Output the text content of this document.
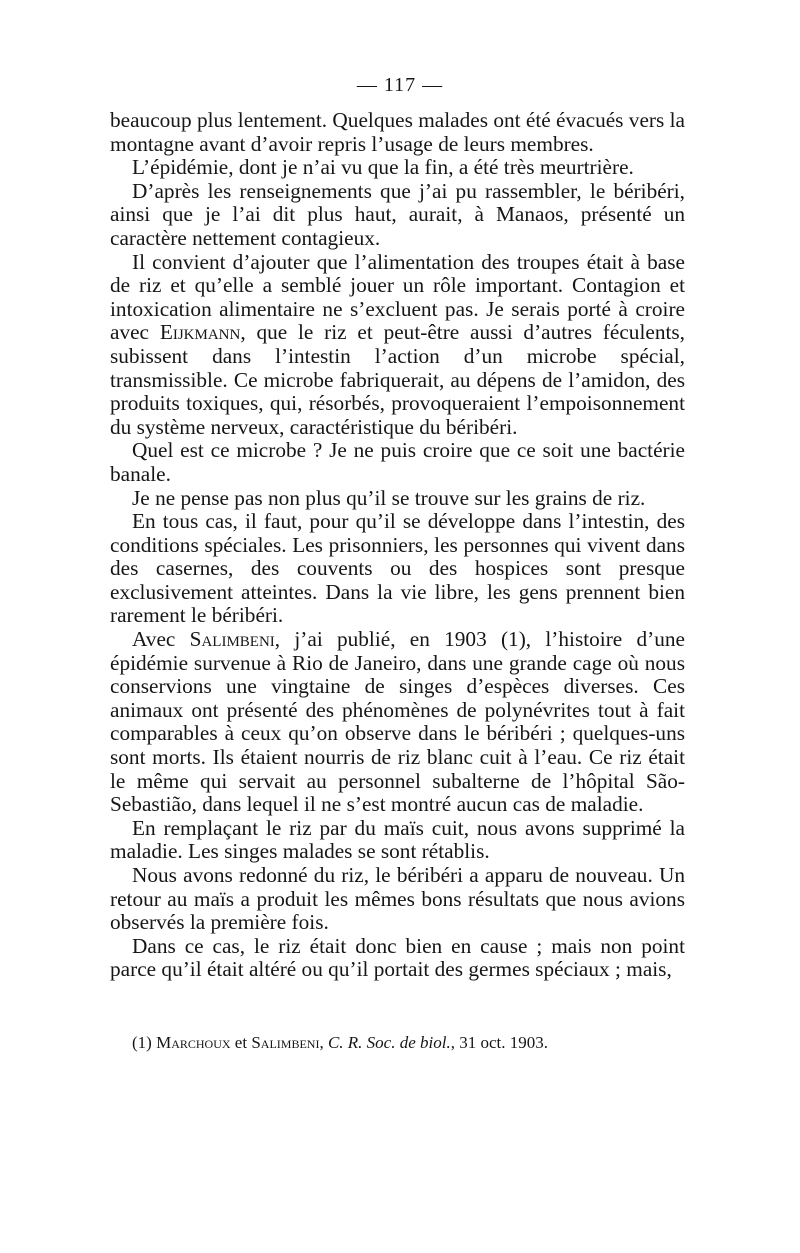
— 117 —

beaucoup plus lentement. Quelques malades ont été évacués vers la montagne avant d’avoir repris l’usage de leurs membres.

L’épidémie, dont je n’ai vu que la fin, a été très meurtrière.

D’après les renseignements que j’ai pu rassembler, le béribéri, ainsi que je l’ai dit plus haut, aurait, à Manaos, présenté un caractère nettement contagieux.

Il convient d’ajouter que l’alimentation des troupes était à base de riz et qu’elle a semblé jouer un rôle important. Contagion et intoxication alimentaire ne s’excluent pas. Je serais porté à croire avec Eijkmann, que le riz et peut-être aussi d’autres féculents, subissent dans l’intestin l’action d’un microbe spécial, transmissible. Ce microbe fabriquerait, au dépens de l’amidon, des produits toxiques, qui, résorbés, provoqueraient l’empoisonnement du système nerveux, caractéristique du béribéri.

Quel est ce microbe ? Je ne puis croire que ce soit une bactérie banale.

Je ne pense pas non plus qu’il se trouve sur les grains de riz.

En tous cas, il faut, pour qu’il se développe dans l’intestin, des conditions spéciales. Les prisonniers, les personnes qui vivent dans des casernes, des couvents ou des hospices sont presque exclusivement atteintes. Dans la vie libre, les gens prennent bien rarement le béribéri.

Avec Salimbeni, j’ai publié, en 1903 (1), l’histoire d’une épidémie survenue à Rio de Janeiro, dans une grande cage où nous conservions une vingtaine de singes d’espèces diverses. Ces animaux ont présenté des phénomènes de polynévrites tout à fait comparables à ceux qu’on observe dans le béribéri ; quelques-uns sont morts. Ils étaient nourris de riz blanc cuit à l’eau. Ce riz était le même qui servait au personnel subalterne de l’hôpital São-Sebastião, dans lequel il ne s’est montré aucun cas de maladie.

En remplaçant le riz par du maïs cuit, nous avons supprimé la maladie. Les singes malades se sont rétablis.

Nous avons redonné du riz, le béribéri a apparu de nouveau. Un retour au maïs a produit les mêmes bons résultats que nous avions observés la première fois.

Dans ce cas, le riz était donc bien en cause ; mais non point parce qu’il était altéré ou qu’il portait des germes spéciaux ; mais,

(1) Marchoux et Salimbeni, C. R. Soc. de biol., 31 oct. 1903.
